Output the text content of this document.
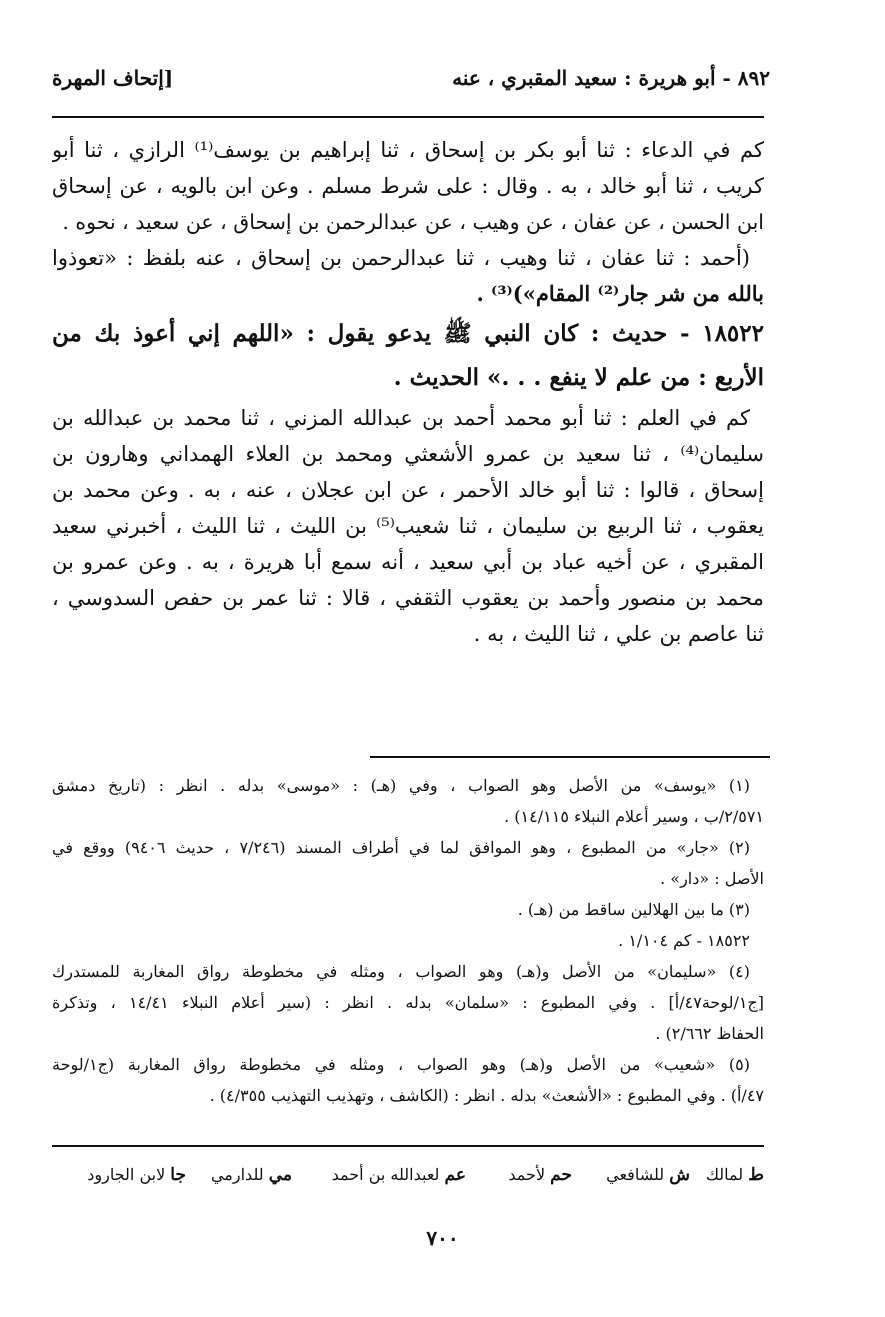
٨٩٢ - أبو هريرة : سعيد المقبري ، عنه
[إتحاف المهرة
كم في الدعاء : ثنا أبو بكر بن إسحاق ، ثنا إبراهيم بن يوسف⁽¹⁾ الرازي ، ثنا أبو
كريب ، ثنا أبو خالد ، به . وقال : على شرط مسلم . وعن ابن بالويه ، عن إسحاق
ابن الحسن ، عن عفان ، عن وهيب ، عن عبدالرحمن بن إسحاق ، عن سعيد ، نحوه .
(أحمد : ثنا عفان ، ثنا وهيب ، ثنا عبدالرحمن بن إسحاق ، عنه بلفظ : «تعوذوا
بالله من شر جار⁽²⁾ المقام»)⁽³⁾ .
١٨٥٢٢ - حديث : كان النبي ﷺ يدعو يقول : «اللهم إني أعوذ بك من
الأربع : من علم لا ينفع . . .» الحديث .
كم في العلم : ثنا أبو محمد أحمد بن عبدالله المزني ، ثنا محمد بن عبدالله بن
سليمان⁽⁴⁾ ، ثنا سعيد بن عمرو الأشعثي ومحمد بن العلاء الهمداني وهارون بن
إسحاق ، قالوا : ثنا أبو خالد الأحمر ، عن ابن عجلان ، عنه ، به . وعن محمد بن
يعقوب ، ثنا الربيع بن سليمان ، ثنا شعيب⁽⁵⁾ بن الليث ، ثنا الليث ، أخبرني سعيد
المقبري ، عن أخيه عباد بن أبي سعيد ، أنه سمع أبا هريرة ، به . وعن عمرو بن
محمد بن منصور وأحمد بن يعقوب الثقفي ، قالا : ثنا عمر بن حفص السدوسي ،
ثنا عاصم بن علي ، ثنا الليث ، به .
(١) «يوسف» من الأصل وهو الصواب ، وفي (هـ) : «موسى» بدله . انظر : (تاريخ دمشق
٢/٥٧١/ب ، وسير أعلام النبلاء ١٤/١١٥) .
(٢) «جار» من المطبوع ، وهو الموافق لما في أطراف المسند (٧/٢٤٦ ، حديث ٩٤٠٦) ووقع في
الأصل : «دار» .
(٣) ما بين الهلالين ساقط من (هـ) .
١٨٥٢٢ - كم ١/١٠٤ .
(٤) «سليمان» من الأصل و(هـ) وهو الصواب ، ومثله في مخطوطة رواق المغاربة للمستدرك
[ج١/لوحة٤٧/أ] . وفي المطبوع : «سلمان» بدله . انظر : (سير أعلام النبلاء ١٤/٤١ ، وتذكرة
الحفاظ ٢/٦٦٢) .
(٥) «شعيب» من الأصل و(هـ) وهو الصواب ، ومثله في مخطوطة رواق المغاربة (ج١/لوحة
٤٧/أ) . وفي المطبوع : «الأشعث» بدله . انظر : (الكاشف ، وتهذيب التهذيب ٤/٣٥٥) .
ط لمالك
ش للشافعي
حم لأحمد
عم لعبدالله بن أحمد
مي للدارمي
جا لابن الجارود
٧٠٠
